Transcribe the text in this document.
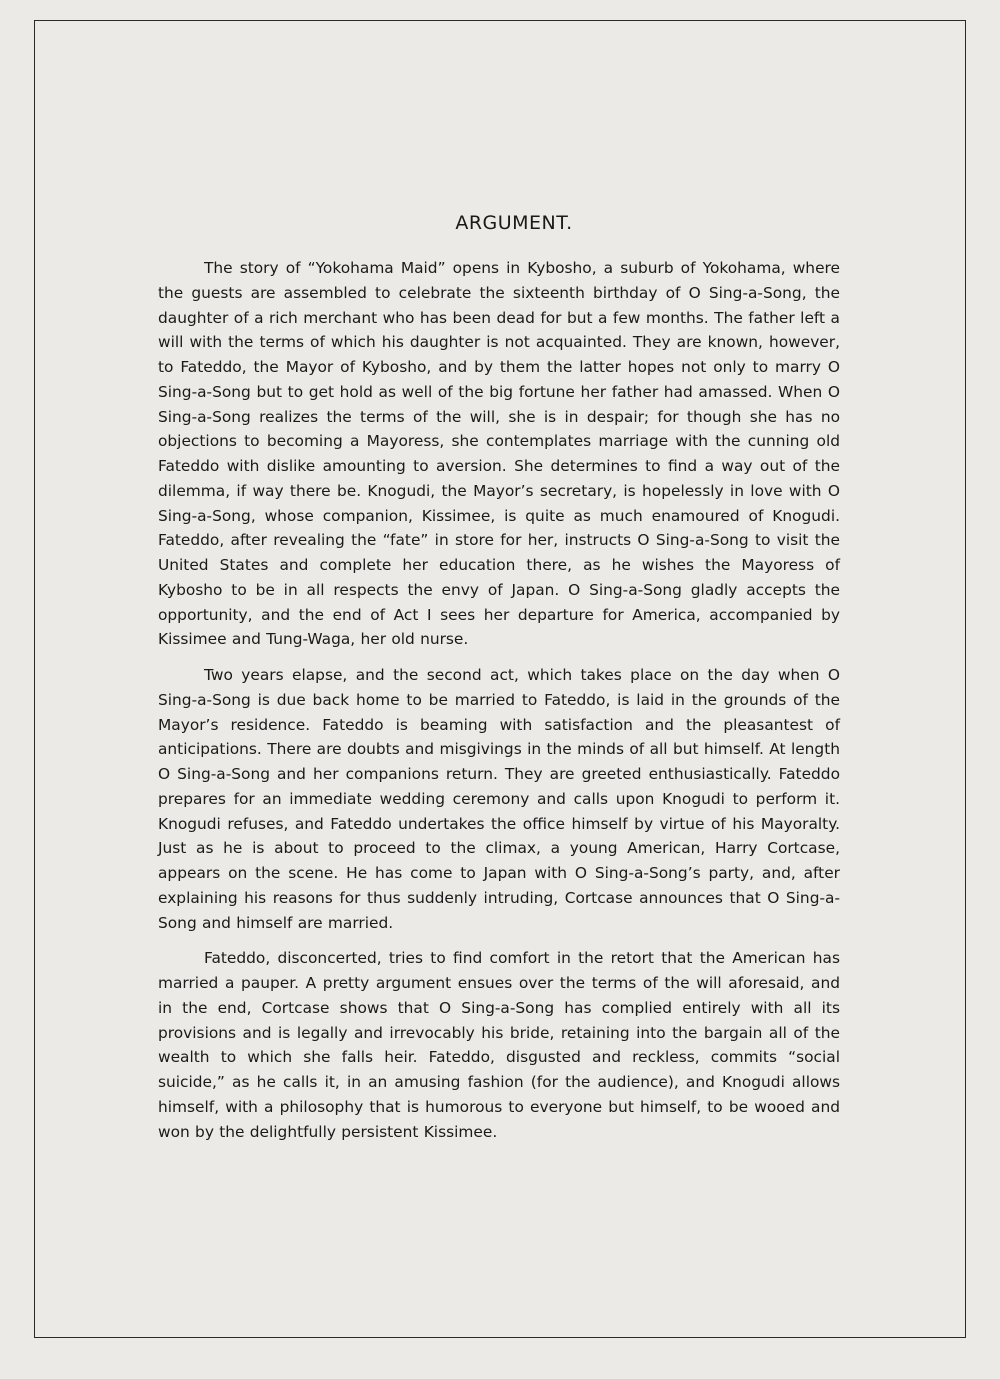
ARGUMENT.

The story of “Yokohama Maid” opens in Kybosho, a suburb of Yokohama, where the guests are assembled to celebrate the sixteenth birthday of O Sing-a-Song, the daughter of a rich merchant who has been dead for but a few months. The father left a will with the terms of which his daughter is not acquainted. They are known, however, to Fateddo, the Mayor of Kybosho, and by them the latter hopes not only to marry O Sing-a-Song but to get hold as well of the big fortune her father had amassed. When O Sing-a-Song realizes the terms of the will, she is in despair; for though she has no objections to becoming a Mayoress, she contemplates marriage with the cunning old Fateddo with dislike amounting to aversion. She determines to find a way out of the dilemma, if way there be. Knogudi, the Mayor’s secretary, is hopelessly in love with O Sing-a-Song, whose companion, Kissimee, is quite as much enamoured of Knogudi. Fateddo, after revealing the “fate” in store for her, instructs O Sing-a-Song to visit the United States and complete her education there, as he wishes the Mayoress of Kybosho to be in all respects the envy of Japan. O Sing-a-Song gladly accepts the opportunity, and the end of Act I sees her departure for America, accompanied by Kissimee and Tung-Waga, her old nurse.

Two years elapse, and the second act, which takes place on the day when O Sing-a-Song is due back home to be married to Fateddo, is laid in the grounds of the Mayor’s residence. Fateddo is beaming with satisfaction and the pleasantest of anticipations. There are doubts and misgivings in the minds of all but himself. At length O Sing-a-Song and her companions return. They are greeted enthusiastically. Fateddo prepares for an immediate wedding ceremony and calls upon Knogudi to perform it. Knogudi refuses, and Fateddo undertakes the office himself by virtue of his Mayoralty. Just as he is about to proceed to the climax, a young American, Harry Cortcase, appears on the scene. He has come to Japan with O Sing-a-Song’s party, and, after explaining his reasons for thus suddenly intruding, Cortcase announces that O Sing-a-Song and himself are married.

Fateddo, disconcerted, tries to find comfort in the retort that the American has married a pauper. A pretty argument ensues over the terms of the will aforesaid, and in the end, Cortcase shows that O Sing-a-Song has complied entirely with all its provisions and is legally and irrevocably his bride, retaining into the bargain all of the wealth to which she falls heir. Fateddo, disgusted and reckless, commits “social suicide,” as he calls it, in an amusing fashion (for the audience), and Knogudi allows himself, with a philosophy that is humorous to everyone but himself, to be wooed and won by the delightfully persistent Kissimee.
